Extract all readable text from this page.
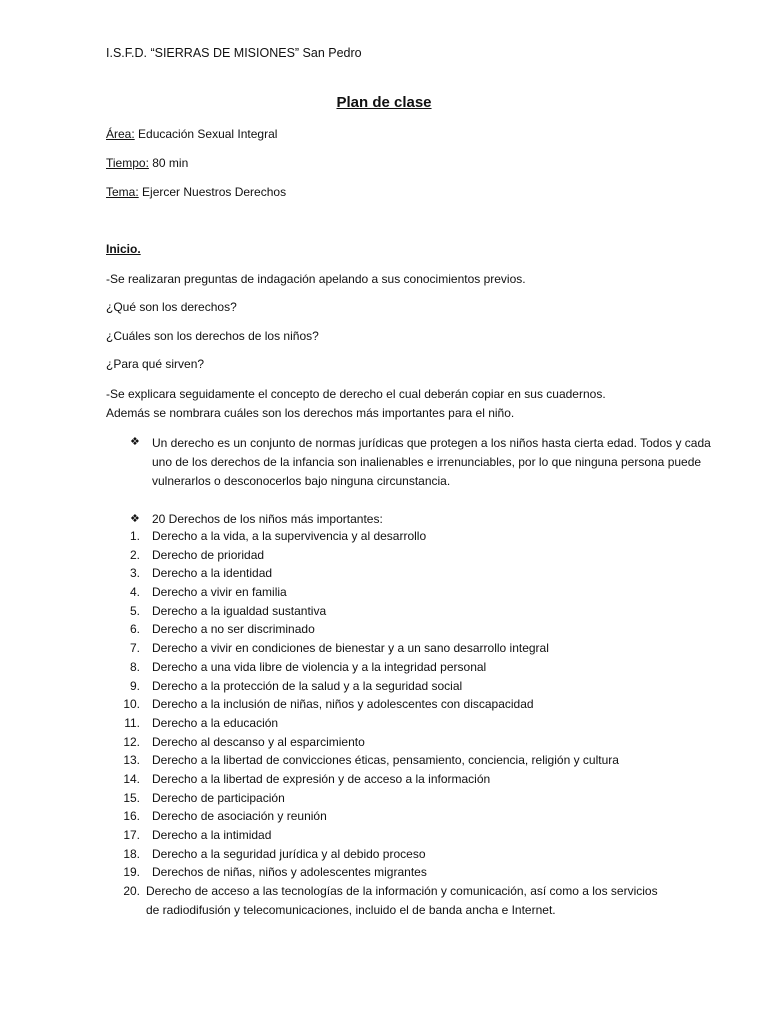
I.S.F.D. “SIERRAS DE MISIONES” San Pedro
Plan de clase
Área: Educación Sexual Integral
Tiempo: 80 min
Tema: Ejercer Nuestros Derechos
Inicio.
-Se realizaran preguntas de indagación apelando a sus conocimientos previos.
¿Qué son los derechos?
¿Cuáles son los derechos de los niños?
¿Para qué sirven?
-Se explicara seguidamente el concepto de derecho el cual deberán copiar en sus cuadernos.
Además se nombrara cuáles son los derechos más importantes para el niño.
❖ Un derecho es un conjunto de normas jurídicas que protegen a los niños hasta cierta edad. Todos y cada uno de los derechos de la infancia son inalienables e irrenunciables, por lo que ninguna persona puede vulnerarlos o desconocerlos bajo ninguna circunstancia.
❖ 20 Derechos de los niños más importantes:
1. Derecho a la vida, a la supervivencia y al desarrollo
2. Derecho de prioridad
3. Derecho a la identidad
4. Derecho a vivir en familia
5. Derecho a la igualdad sustantiva
6. Derecho a no ser discriminado
7. Derecho a vivir en condiciones de bienestar y a un sano desarrollo integral
8. Derecho a una vida libre de violencia y a la integridad personal
9. Derecho a la protección de la salud y a la seguridad social
10. Derecho a la inclusión de niñas, niños y adolescentes con discapacidad
11. Derecho a la educación
12. Derecho al descanso y al esparcimiento
13. Derecho a la libertad de convicciones éticas, pensamiento, conciencia, religión y cultura
14. Derecho a la libertad de expresión y de acceso a la información
15. Derecho de participación
16. Derecho de asociación y reunión
17. Derecho a la intimidad
18. Derecho a la seguridad jurídica y al debido proceso
19. Derechos de niñas, niños y adolescentes migrantes
20. Derecho de acceso a las tecnologías de la información y comunicación, así como a los servicios de radiodifusión y telecomunicaciones, incluido el de banda ancha e Internet.
